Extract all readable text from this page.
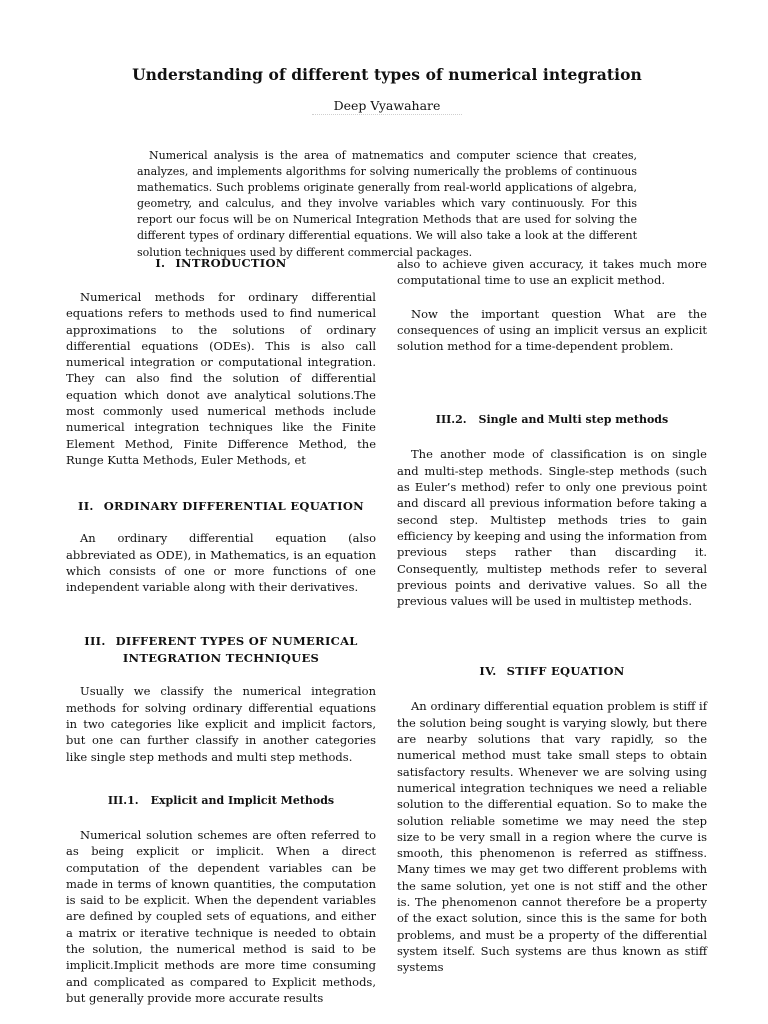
Understanding of different types of numerical integration
Deep Vyawahare

Numerical analysis is the area of matnematics and computer science that creates, analyzes, and implements algorithms for solving numerically the problems of continuous mathematics. Such problems originate generally from real-world applications of algebra, geometry, and calculus, and they involve variables which vary continuously. For this report our focus will be on Numerical Integration Methods that are used for solving the different types of ordinary differential equations. We will also take a look at the different solution techniques used by different commercial packages.

I. INTRODUCTION

Numerical methods for ordinary differential equations refers to methods used to find numerical approximations to the solutions of ordinary differential equations (ODEs). This is also call numerical integration or computational integration. They can also find the solution of differential equation which donot ave analytical solutions.The most commonly used numerical methods include numerical integration techniques like the Finite Element Method, Finite Difference Method, the Runge Kutta Methods, Euler Methods, et

II. ORDINARY DIFFERENTIAL EQUATION

An ordinary differential equation (also abbreviated as ODE), in Mathematics, is an equation which consists of one or more functions of one independent variable along with their derivatives.

III. DIFFERENT TYPES OF NUMERICAL
INTEGRATION TECHNIQUES

Usually we classify the numerical integration methods for solving ordinary differential equations in two categories like explicit and implicit factors, but one can further classify in another categories like single step methods and multi step methods.

III.1. Explicit and Implicit Methods

Numerical solution schemes are often referred to as being explicit or implicit. When a direct computation of the dependent variables can be made in terms of known quantities, the computation is said to be explicit. When the dependent variables are defined by coupled sets of equations, and either a matrix or iterative technique is needed to obtain the solution, the numerical method is said to be implicit.Implicit methods are more time consuming and complicated as compared to Explicit methods, but generally provide more accurate results

also to achieve given accuracy, it takes much more computational time to use an explicit method.

Now the important question What are the consequences of using an implicit versus an explicit solution method for a time-dependent problem.

III.2. Single and Multi step methods

The another mode of classification is on single and multi-step methods. Single-step methods (such as Euler’s method) refer to only one previous point and discard all previous information before taking a second step. Multistep methods tries to gain efficiency by keeping and using the information from previous steps rather than discarding it. Consequently, multistep methods refer to several previous points and derivative values. So all the previous values will be used in multistep methods.

IV. STIFF EQUATION

An ordinary differential equation problem is stiff if the solution being sought is varying slowly, but there are nearby solutions that vary rapidly, so the numerical method must take small steps to obtain satisfactory results. Whenever we are solving using numerical integration techniques we need a reliable solution to the differential equation. So to make the solution reliable sometime we may need the step size to be very small in a region where the curve is smooth, this phenomenon is referred as stiffness. Many times we may get two different problems with the same solution, yet one is not stiff and the other is. The phenomenon cannot therefore be a property of the exact solution, since this is the same for both problems, and must be a property of the differential system itself. Such systems are thus known as stiff systems
